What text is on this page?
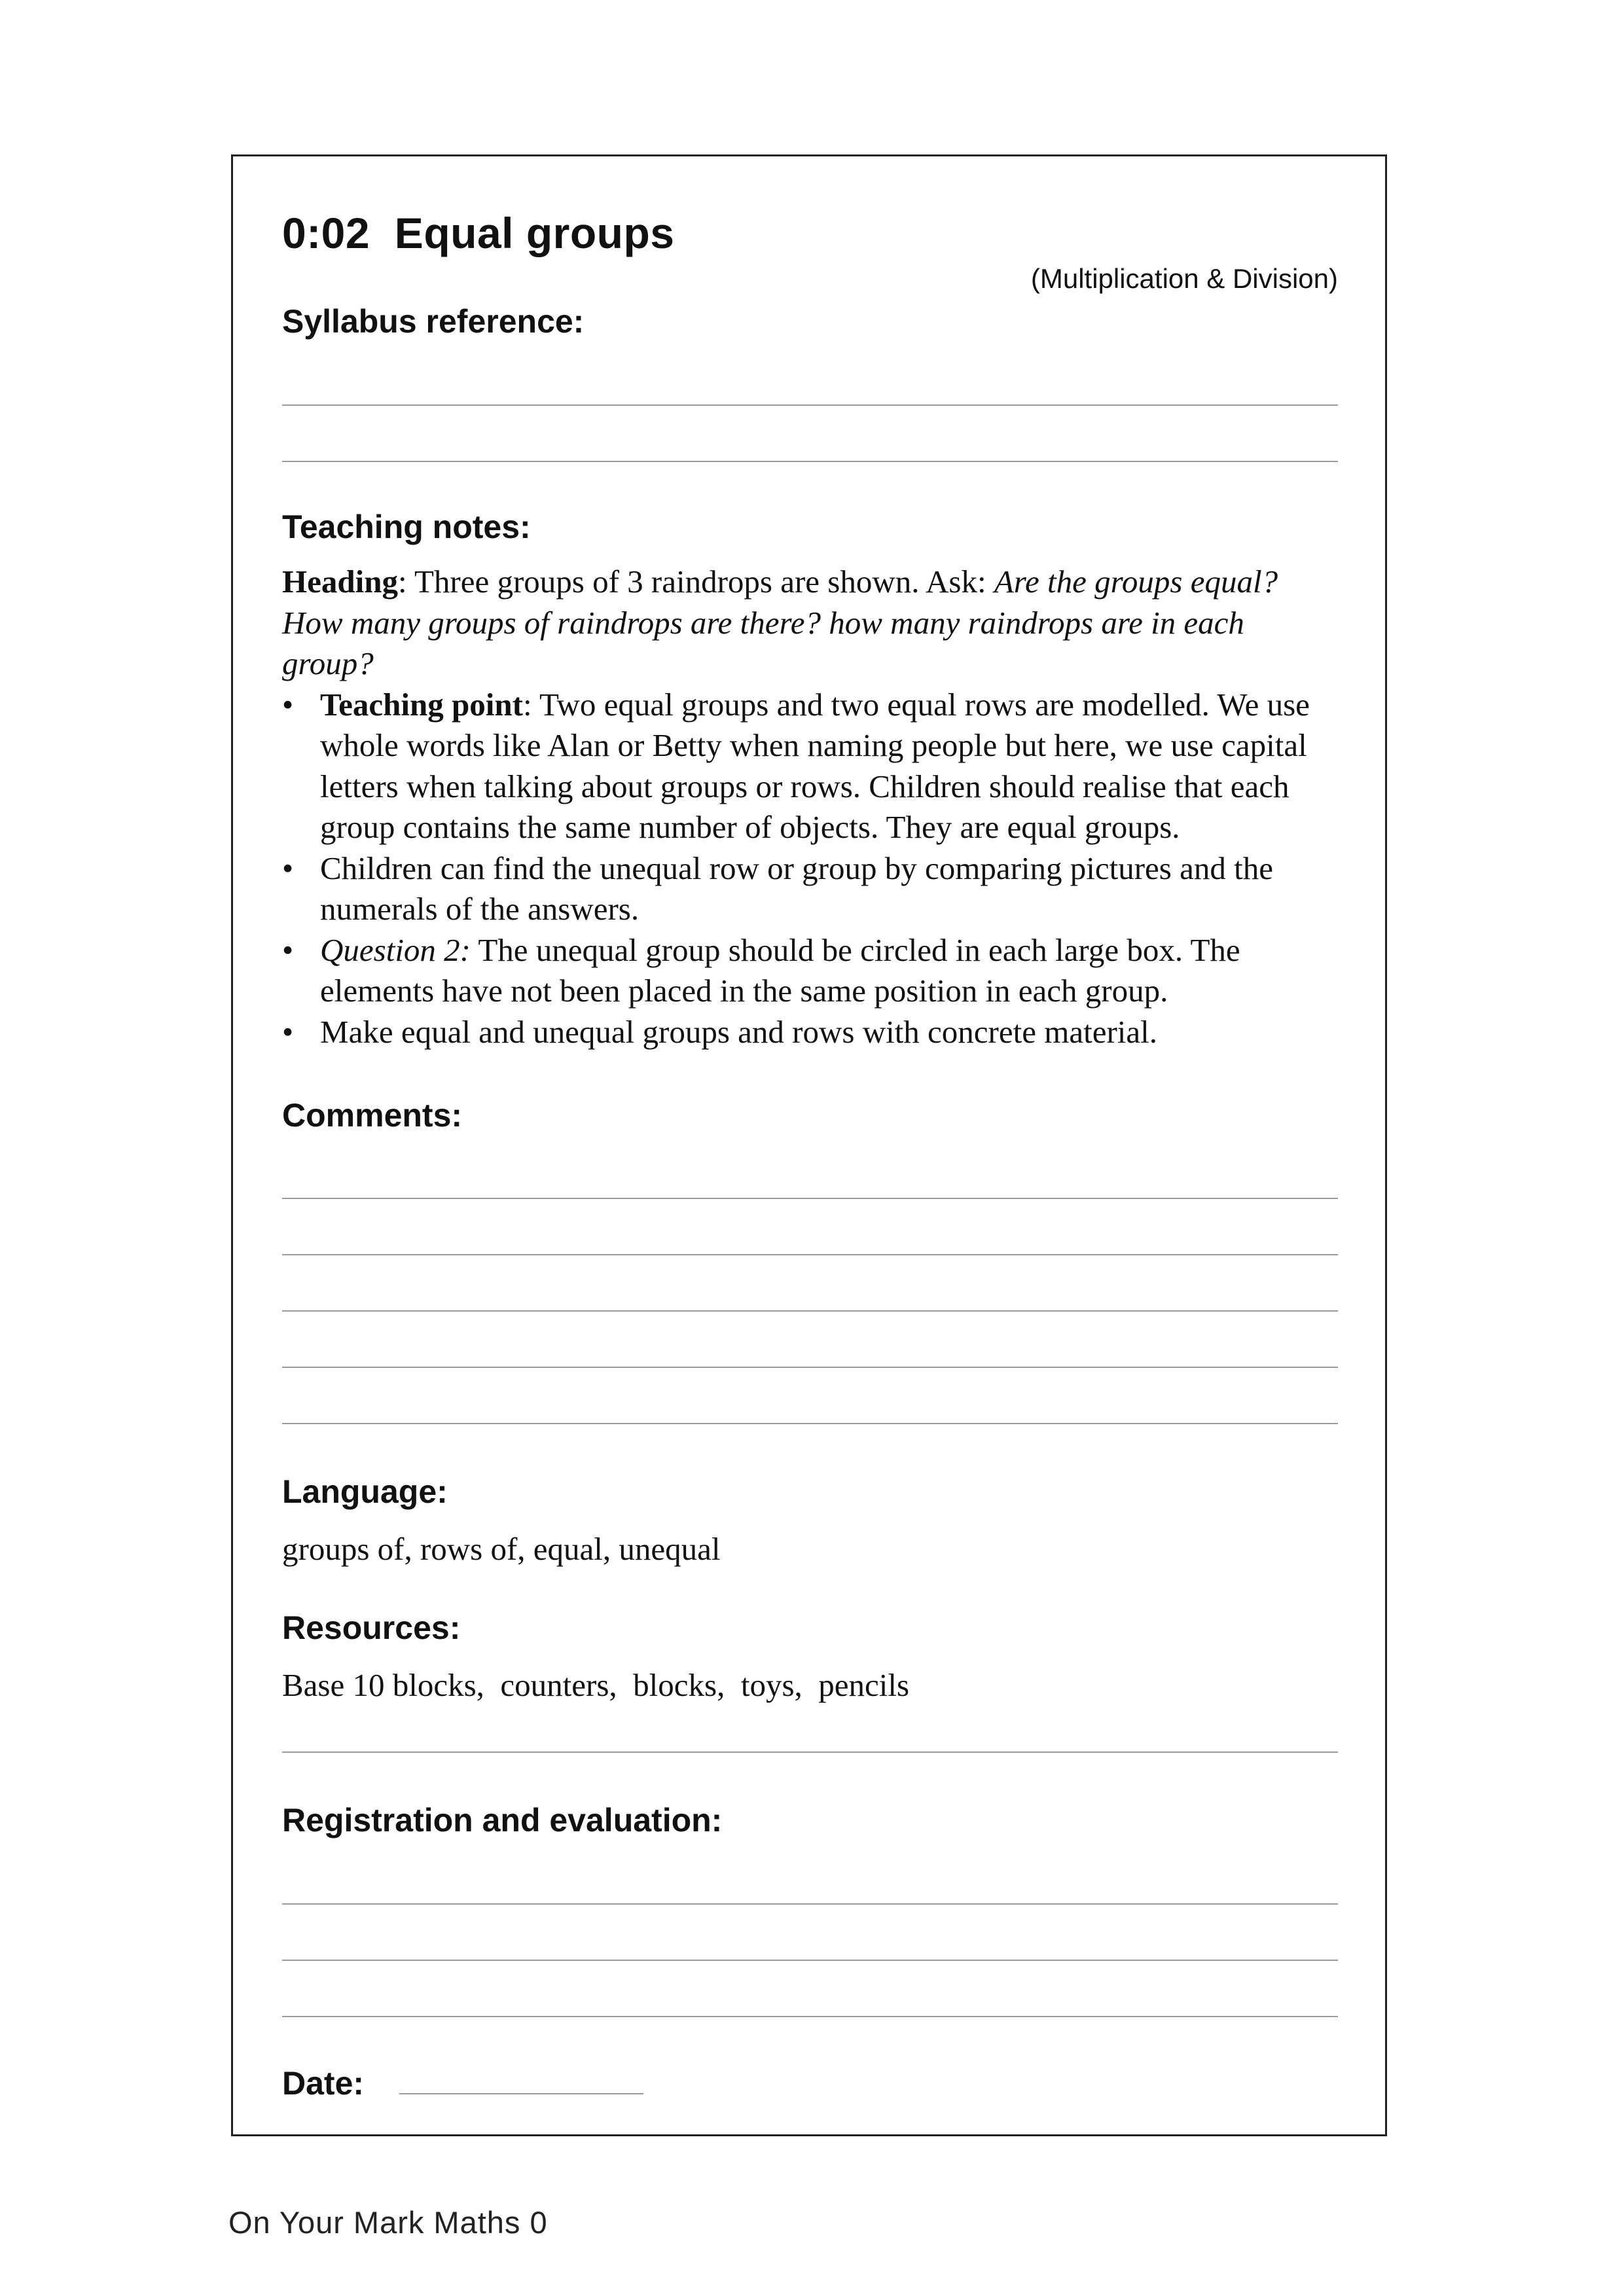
0:02 Equal groups
(Multiplication & Division)
Syllabus reference:
Teaching notes:

Heading: Three groups of 3 raindrops are shown. Ask: Are the groups equal? How many groups of raindrops are there? how many raindrops are in each group?

• Teaching point: Two equal groups and two equal rows are modelled. We use whole words like Alan or Betty when naming people but here, we use capital letters when talking about groups or rows. Children should realise that each group contains the same number of objects. They are equal groups.
• Children can find the unequal row or group by comparing pictures and the numerals of the answers.
• Question 2: The unequal group should be circled in each large box. The elements have not been placed in the same position in each group.
• Make equal and unequal groups and rows with concrete material.
Comments:
Language:
groups of, rows of, equal, unequal
Resources:
Base 10 blocks,  counters,  blocks,  toys,  pencils
Registration and evaluation:
Date:
On Your Mark Maths 0
